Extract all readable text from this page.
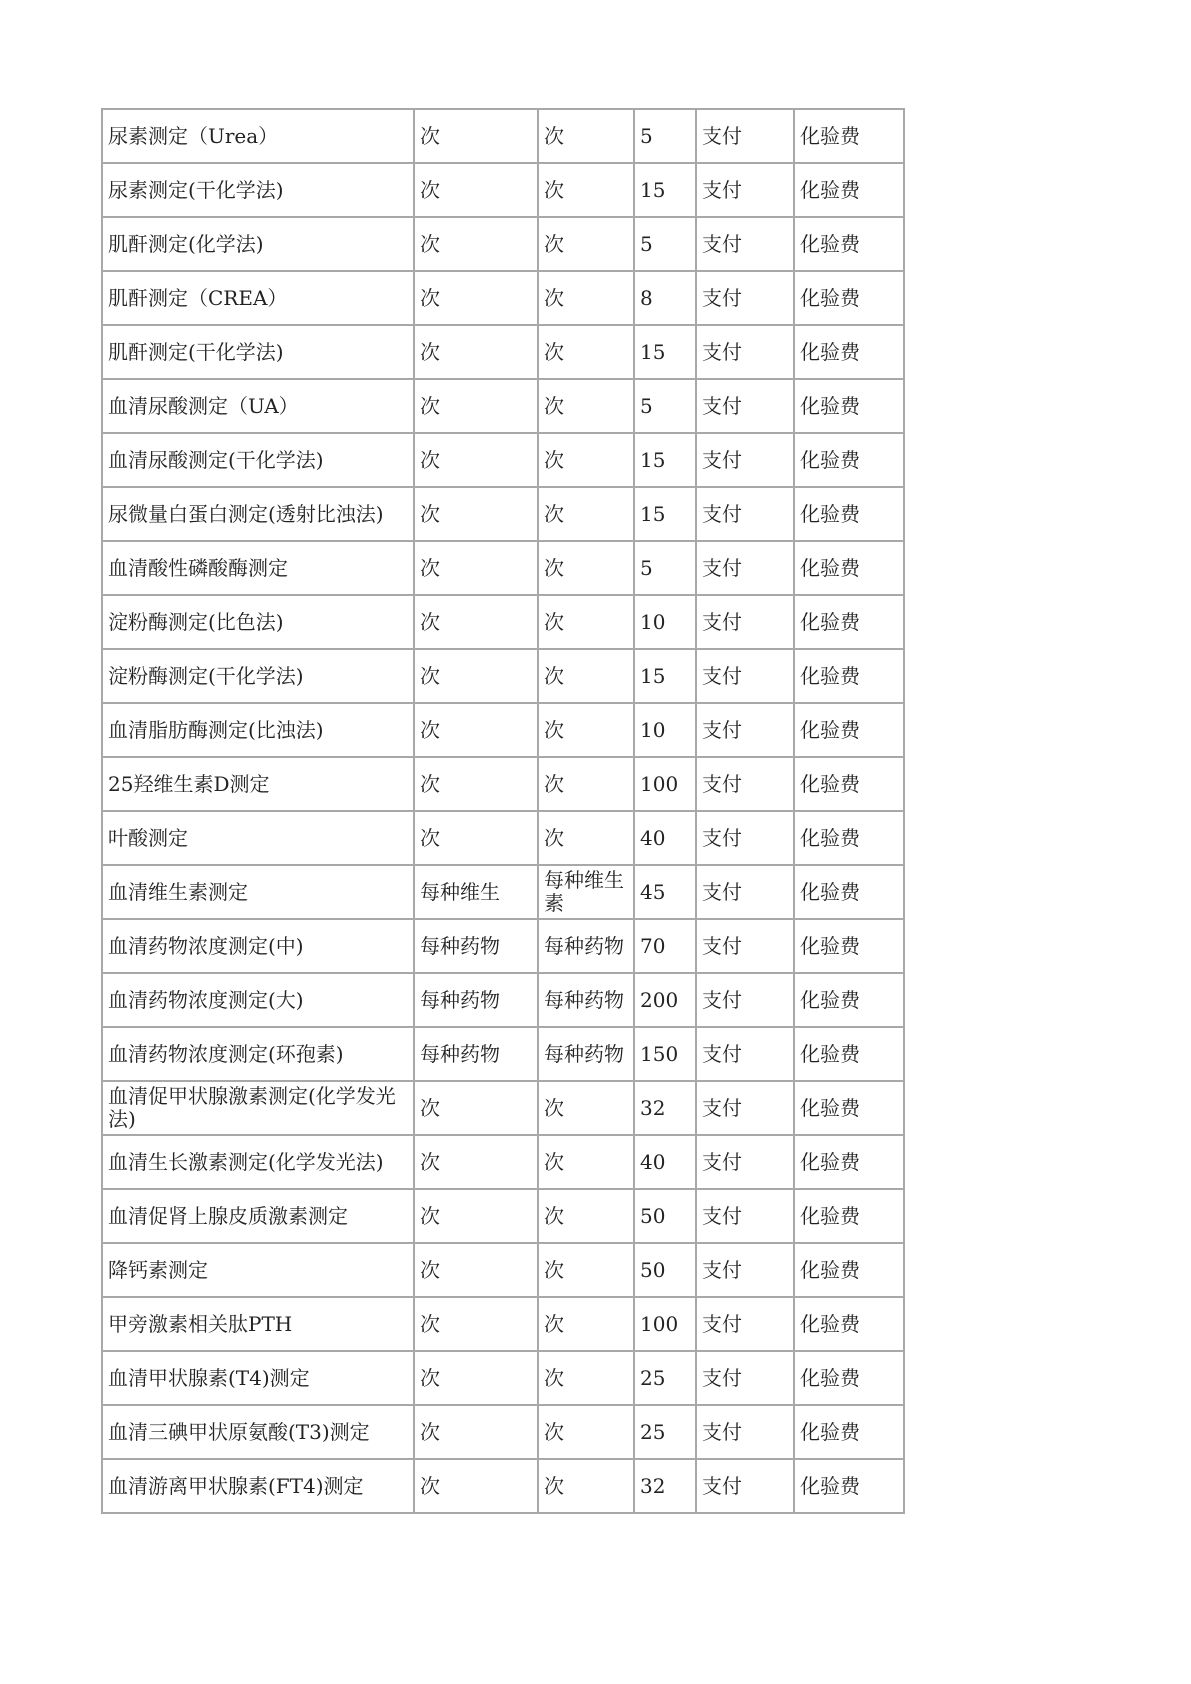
尿素测定（Urea）	次	次	5	支付	化验费
尿素测定(干化学法)	次	次	15	支付	化验费
肌酐测定(化学法)	次	次	5	支付	化验费
肌酐测定（CREA）	次	次	8	支付	化验费
肌酐测定(干化学法)	次	次	15	支付	化验费
血清尿酸测定（UA）	次	次	5	支付	化验费
血清尿酸测定(干化学法)	次	次	15	支付	化验费
尿微量白蛋白测定(透射比浊法)	次	次	15	支付	化验费
血清酸性磷酸酶测定	次	次	5	支付	化验费
淀粉酶测定(比色法)	次	次	10	支付	化验费
淀粉酶测定(干化学法)	次	次	15	支付	化验费
血清脂肪酶测定(比浊法)	次	次	10	支付	化验费
25羟维生素D测定	次	次	100	支付	化验费
叶酸测定	次	次	40	支付	化验费
血清维生素测定	每种维生	每种维生素	45	支付	化验费
血清药物浓度测定(中)	每种药物	每种药物	70	支付	化验费
血清药物浓度测定(大)	每种药物	每种药物	200	支付	化验费
血清药物浓度测定(环孢素)	每种药物	每种药物	150	支付	化验费
血清促甲状腺激素测定(化学发光法)	次	次	32	支付	化验费
血清生长激素测定(化学发光法)	次	次	40	支付	化验费
血清促肾上腺皮质激素测定	次	次	50	支付	化验费
降钙素测定	次	次	50	支付	化验费
甲旁激素相关肽PTH	次	次	100	支付	化验费
血清甲状腺素(T4)测定	次	次	25	支付	化验费
血清三碘甲状原氨酸(T3)测定	次	次	25	支付	化验费
血清游离甲状腺素(FT4)测定	次	次	32	支付	化验费
